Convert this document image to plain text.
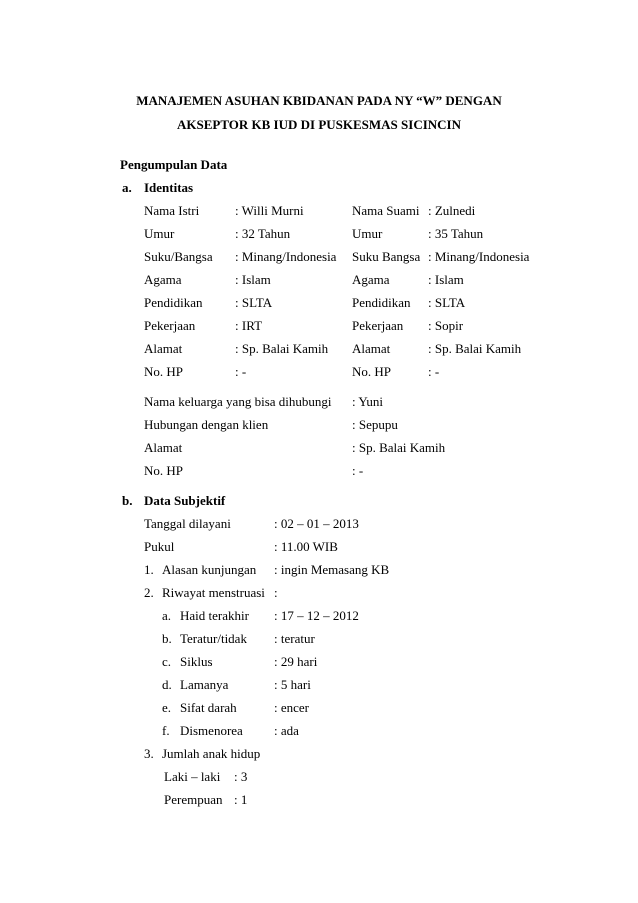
MANAJEMEN ASUHAN KBIDANAN PADA NY “W” DENGAN
AKSEPTOR KB IUD DI PUSKESMAS SICINCIN
Pengumpulan Data
a. Identitas
Nama Istri	: Willi Murni	Nama Suami : Zulnedi
Umur	: 32 Tahun	Umur	: 35 Tahun
Suku/Bangsa : Minang/Indonesia Suku Bangsa : Minang/Indonesia
Agama	: Islam	Agama	: Islam
Pendidikan	: SLTA	Pendidikan : SLTA
Pekerjaan	: IRT	Pekerjaan : Sopir
Alamat	: Sp. Balai Kamih Alamat	: Sp. Balai Kamih
No. HP	: -	No. HP	: -
Nama keluarga yang bisa dihubungi : Yuni
Hubungan dengan klien	: Sepupu
Alamat	: Sp. Balai Kamih
No. HP	: -
b. Data Subjektif
Tanggal dilayani	: 02 – 01 – 2013
Pukul	: 11.00 WIB
1. Alasan kunjungan : ingin Memasang KB
2. Riwayat menstruasi :
a. Haid terakhir : 17 – 12 – 2012
b. Teratur/tidak : teratur
c. Siklus	: 29 hari
d. Lamanya	: 5 hari
e. Sifat darah	: encer
f. Dismenorea : ada
3. Jumlah anak hidup
Laki – laki : 3
Perempuan : 1
